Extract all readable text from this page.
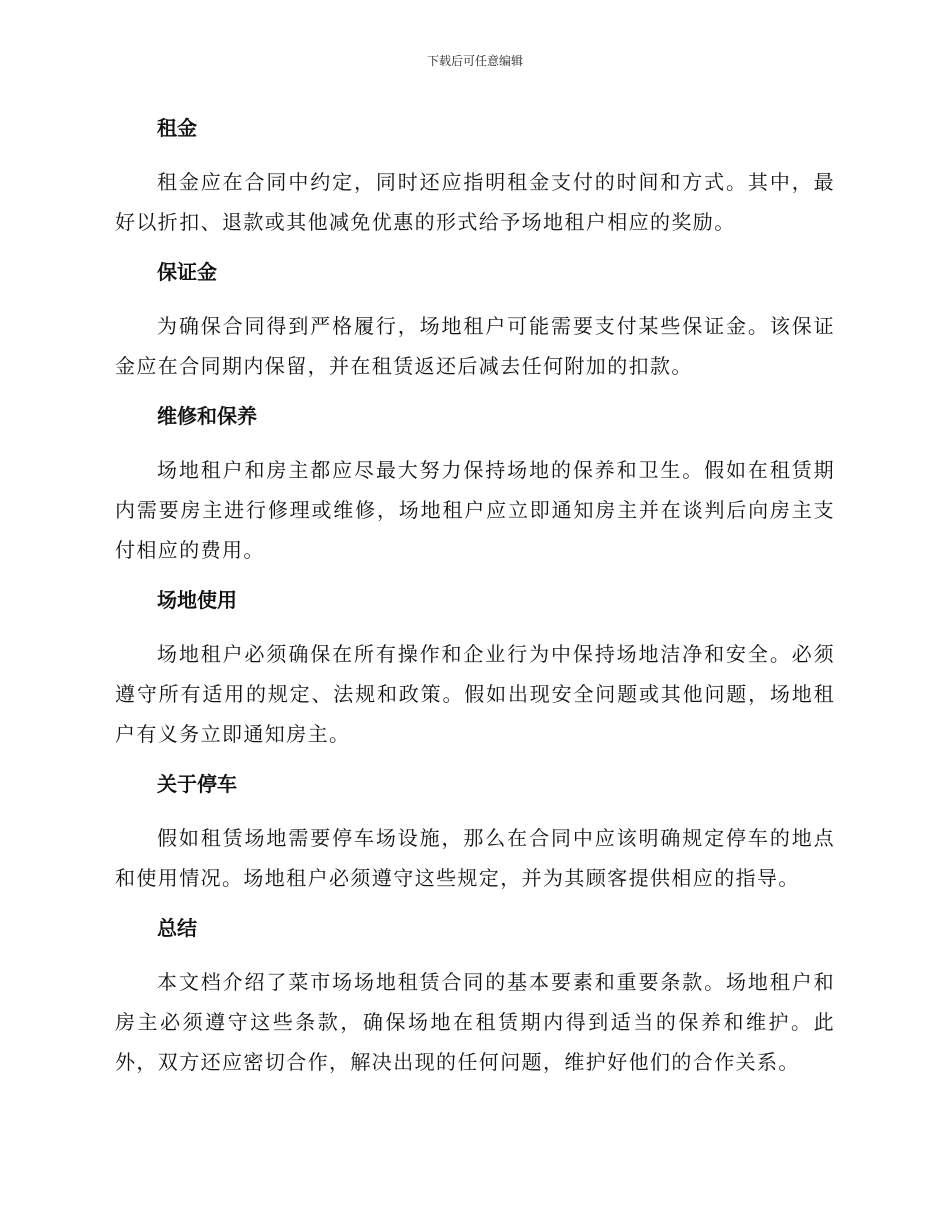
下载后可任意编辑
租金

租金应在合同中约定，同时还应指明租金支付的时间和方式。其中，最好以折扣、退款或其他减免优惠的形式给予场地租户相应的奖励。

保证金

为确保合同得到严格履行，场地租户可能需要支付某些保证金。该保证金应在合同期内保留，并在租赁返还后减去任何附加的扣款。

维修和保养

场地租户和房主都应尽最大努力保持场地的保养和卫生。假如在租赁期内需要房主进行修理或维修，场地租户应立即通知房主并在谈判后向房主支付相应的费用。

场地使用

场地租户必须确保在所有操作和企业行为中保持场地洁净和安全。必须遵守所有适用的规定、法规和政策。假如出现安全问题或其他问题，场地租户有义务立即通知房主。

关于停车

假如租赁场地需要停车场设施，那么在合同中应该明确规定停车的地点和使用情况。场地租户必须遵守这些规定，并为其顾客提供相应的指导。

总结

本文档介绍了菜市场场地租赁合同的基本要素和重要条款。场地租户和房主必须遵守这些条款，确保场地在租赁期内得到适当的保养和维护。此外，双方还应密切合作，解决出现的任何问题，维护好他们的合作关系。
